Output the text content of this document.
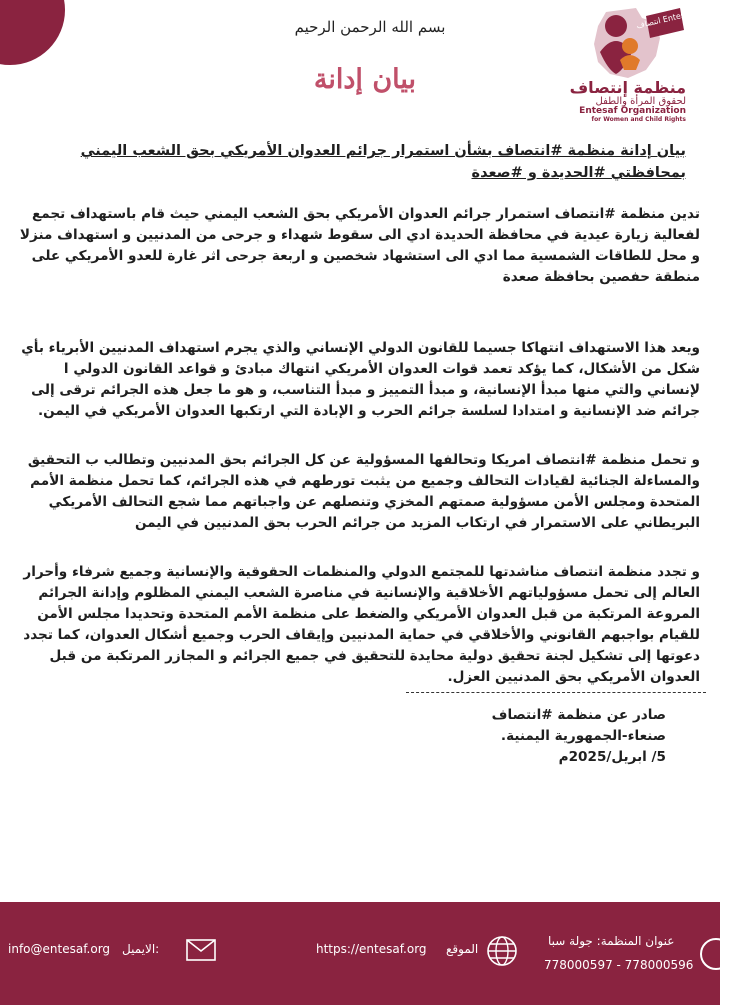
انتصاف Entesaf
منظمة إنتصاف
لحقوق المرأة والطفل
Entesaf Organization
for Women and Child Rights
بسم الله الرحمن الرحيم
بيان إدانة

بيان إدانة منظمة #انتصاف بشأن استمرار جرائم العدوان الأمريكي بحق الشعب اليمني بمحافظتي #الحديدة و #صعدة

تدين منظمة #انتصاف استمرار جرائم العدوان الأمريكي بحق الشعب اليمني حيث قام باستهداف تجمع لفعالية زيارة عيدية في محافظة الحديدة ادي الى سقوط شهداء و جرحى من المدنيين و استهداف منزلا و محل للطاقات الشمسية مما ادي الى استشهاد شخصين و اربعة جرحى اثر غارة للعدو الأمريكي على منطقة حفصين بحافظة صعدة

ويعد هذا الاستهداف انتهاكا جسيما للقانون الدولي الإنساني والذي يجرم استهداف المدنيين الأبرياء بأي شكل من الأشكال، كما يؤكد تعمد قوات العدوان الأمريكي انتهاك مبادئ و قواعد القانون الدولي ا لإنساني والتي منها مبدأ الإنسانية، و مبدأ التمييز و مبدأ التناسب، و هو ما جعل هذه الجرائم ترقى إلى جرائم ضد الإنسانية و امتدادا لسلسة جرائم الحرب و الإبادة التي ارتكبها العدوان الأمريكي في اليمن.

و تحمل منظمة #انتصاف امريكا وتحالفها المسؤولية عن كل الجرائم بحق المدنيين وتطالب ب التحقيق والمساءلة الجنائية لقيادات التحالف وجميع من يثبت تورطهم في هذه الجرائم، كما تحمل منظمة الأمم المتحدة ومجلس الأمن مسؤولية صمتهم المخزي وتنصلهم عن واجباتهم مما شجع التحالف الأمريكي البريطاني على الاستمرار في ارتكاب المزيد من جرائم الحرب بحق المدنيين في اليمن

و تجدد منظمة انتصاف مناشدتها للمجتمع الدولي والمنظمات الحقوقية والإنسانية وجميع شرفاء وأحرار العالم إلى تحمل مسؤولياتهم الأخلاقية والإنسانية في مناصرة الشعب اليمني المظلوم وإدانة الجرائم المروعة المرتكبة من قبل العدوان الأمريكي والضغط على منظمة الأمم المتحدة وتحديدا مجلس الأمن للقيام بواجبهم القانوني والأخلاقي في حماية المدنيين وإيقاف الحرب وجميع أشكال العدوان، كما تجدد دعوتها إلى تشكيل لجنة تحقيق دولية محايدة للتحقيق في جميع الجرائم و المجازر المرتكبة من قبل العدوان الأمريكي بحق المدنيين العزل.

صادر عن منظمة #انتصاف

صنعاء-الجمهورية اليمنية.

5/ ابريل/2025م

info@entesaf.org الايميل:	https://entesaf.org الموقع
عنوان المنظمة: جولة سبا
778000597 - 778000596
